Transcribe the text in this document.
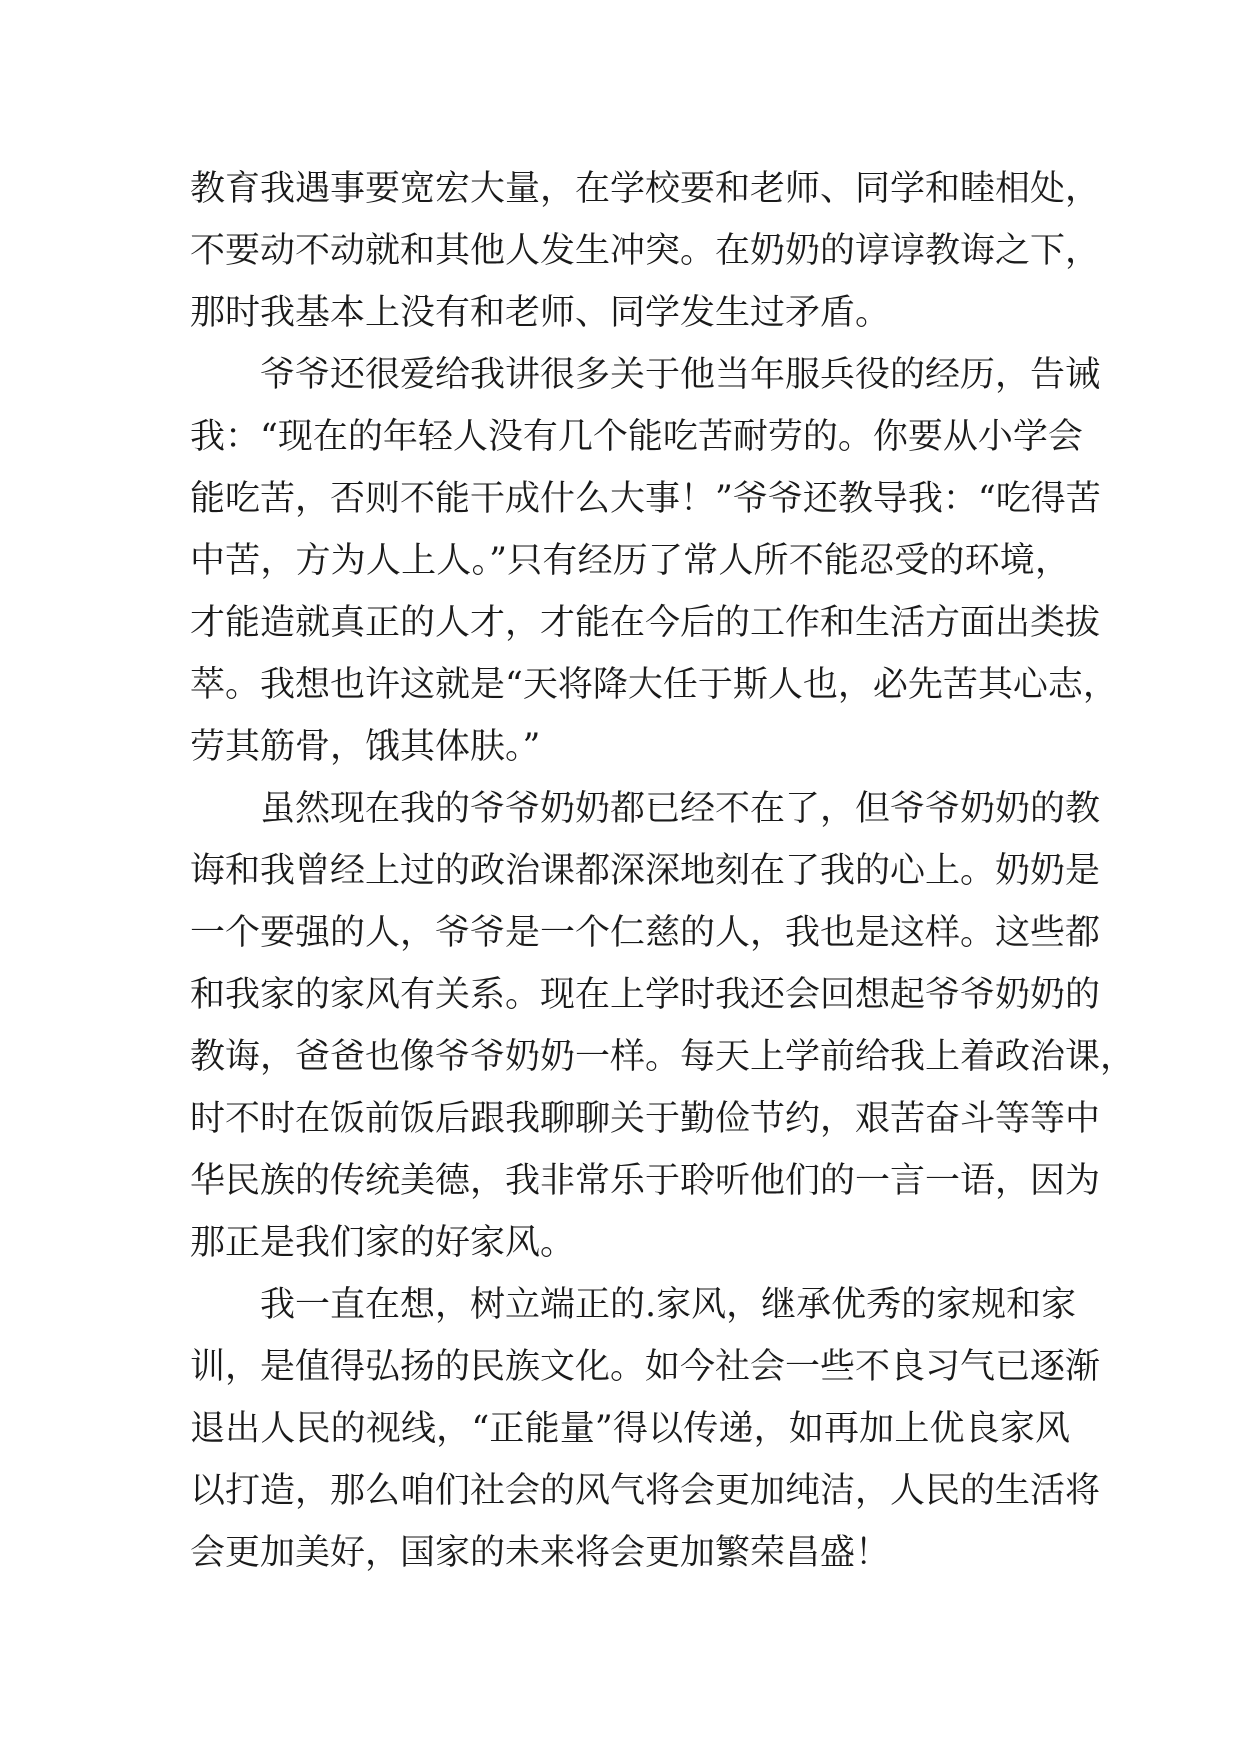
教育我遇事要宽宏大量，在学校要和老师、同学和睦相处，
不要动不动就和其他人发生冲突。在奶奶的谆谆教诲之下，
那时我基本上没有和老师、同学发生过矛盾。
爷爷还很爱给我讲很多关于他当年服兵役的经历，告诫
我：“现在的年轻人没有几个能吃苦耐劳的。你要从小学会
能吃苦，否则不能干成什么大事！”爷爷还教导我：“吃得苦
中苦，方为人上人。”只有经历了常人所不能忍受的环境，
才能造就真正的人才，才能在今后的工作和生活方面出类拔
萃。我想也许这就是“天将降大任于斯人也，必先苦其心志，
劳其筋骨，饿其体肤。”
虽然现在我的爷爷奶奶都已经不在了，但爷爷奶奶的教
诲和我曾经上过的政治课都深深地刻在了我的心上。奶奶是
一个要强的人，爷爷是一个仁慈的人，我也是这样。这些都
和我家的家风有关系。现在上学时我还会回想起爷爷奶奶的
教诲，爸爸也像爷爷奶奶一样。每天上学前给我上着政治课，
时不时在饭前饭后跟我聊聊关于勤俭节约，艰苦奋斗等等中
华民族的传统美德，我非常乐于聆听他们的一言一语，因为
那正是我们家的好家风。
我一直在想，树立端正的.家风，继承优秀的家规和家
训，是值得弘扬的民族文化。如今社会一些不良习气已逐渐
退出人民的视线，“正能量”得以传递，如再加上优良家风
以打造，那么咱们社会的风气将会更加纯洁，人民的生活将
会更加美好，国家的未来将会更加繁荣昌盛！
